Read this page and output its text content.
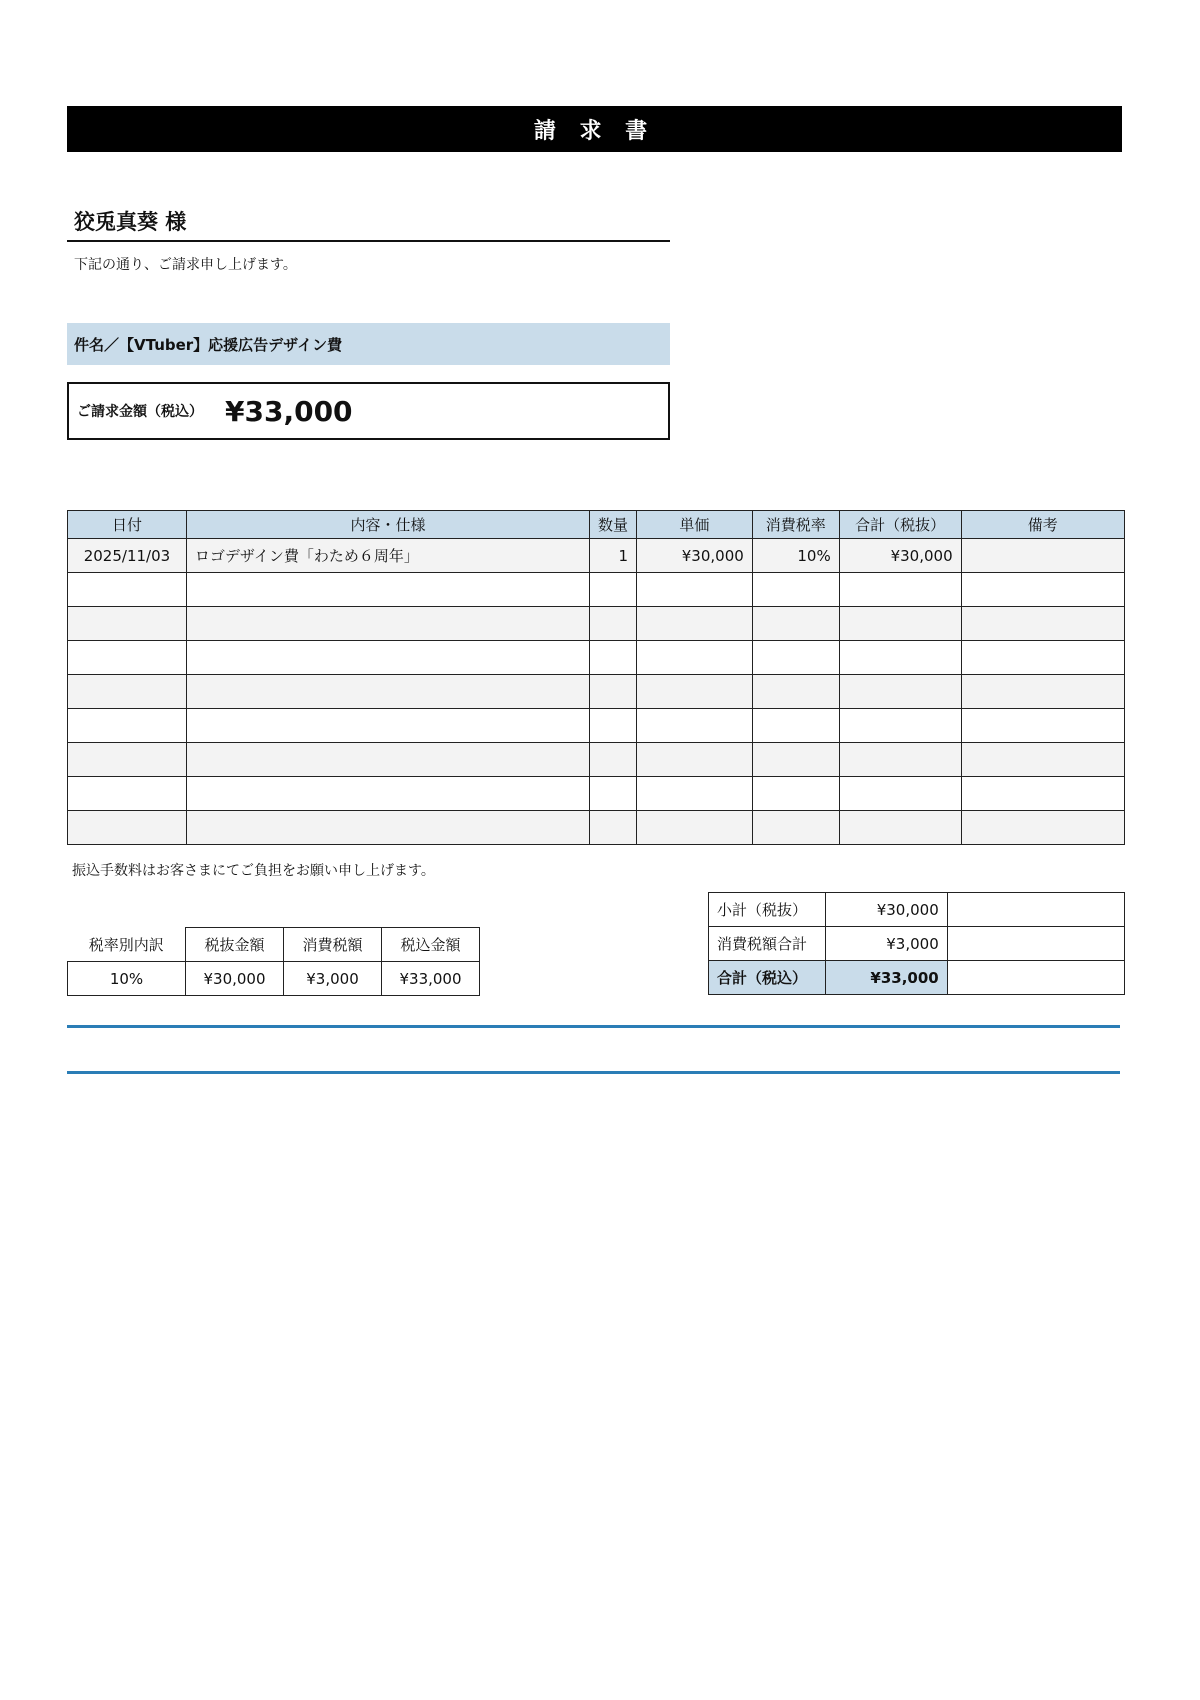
請 求 書
狡兎真葵 様
下記の通り、ご請求申し上げます。
件名／【VTuber】応援広告デザイン費
ご請求金額（税込） ¥33,000
日付	内容・仕様	数量	単価	消費税率	合計（税抜）	備考
2025/11/03	ロゴデザイン費「わため６周年」	1	¥30,000	10%	¥30,000	

振込手数料はお客さまにてご負担をお願い申し上げます。
税率別内訳	税抜金額	消費税額	税込金額
10%	¥30,000	¥3,000	¥33,000
小計（税抜）	¥30,000	
消費税額合計	¥3,000	
合計（税込）	¥33,000	
